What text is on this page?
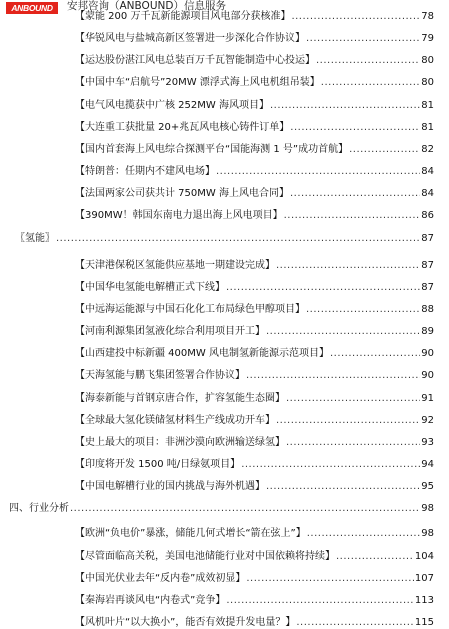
ANBOUND	安邦咨询（ANBOUND）信息服务
【蒙能 200 万千瓦新能源项目风电部分获核准】 .....	78
【华锐风电与盐城高新区签署进一步深化合作协议】 .....	79
【运达股份湛江风电总装百万千瓦智能制造中心投运】 .....	80
【中国中车“启航号”20MW 漂浮式海上风电机组吊装】 .....	80
【电气风电揽获中广核 252MW 海风项目】 .....	81
【大连重工获批量 20+兆瓦风电核心铸件订单】 .....	81
【国内首套海上风电综合探测平台“国能海测 1 号”成功首航】 .....	82
【特朗普：任期内不建风电场】 .....	84
【法国两家公司获共计 750MW 海上风电合同】 .....	84
【390MW！韩国东南电力退出海上风电项目】 .....	86
〖氢能〗 .....	87
【天津港保税区氢能供应基地一期建设完成】 .....	87
【中国华电氢能电解槽正式下线】 .....	87
【中远海运能源与中国石化化工布局绿色甲醇项目】 .....	88
【河南利源集团氢液化综合利用项目开工】 .....	89
【山西建投中标新疆 400MW 风电制氢新能源示范项目】 .....	90
【天海氢能与鹏飞集团签署合作协议】 .....	90
【海泰新能与首钢京唐合作，扩容氢能生态圈】 .....	91
【全球最大氢化镁储氢材料生产线成功开车】 .....	92
【史上最大的项目：非洲沙漠向欧洲输送绿氢】 .....	93
【印度将开发 1500 吨/日绿氨项目】 .....	94
【中国电解槽行业的国内挑战与海外机遇】 .....	95
四、行业分析 .....	98
【欧洲“负电价”暴涨，储能几何式增长“箭在弦上”】 .....	98
【尽管面临高关税，美国电池储能行业对中国依赖将持续】 .....	104
【中国光伏业去年“反内卷”成效初显】 .....	107
【秦海岩再谈风电“内卷式”竞争】 .....	113
【风机叶片“以大换小”，能否有效提升发电量？】 .....	115
